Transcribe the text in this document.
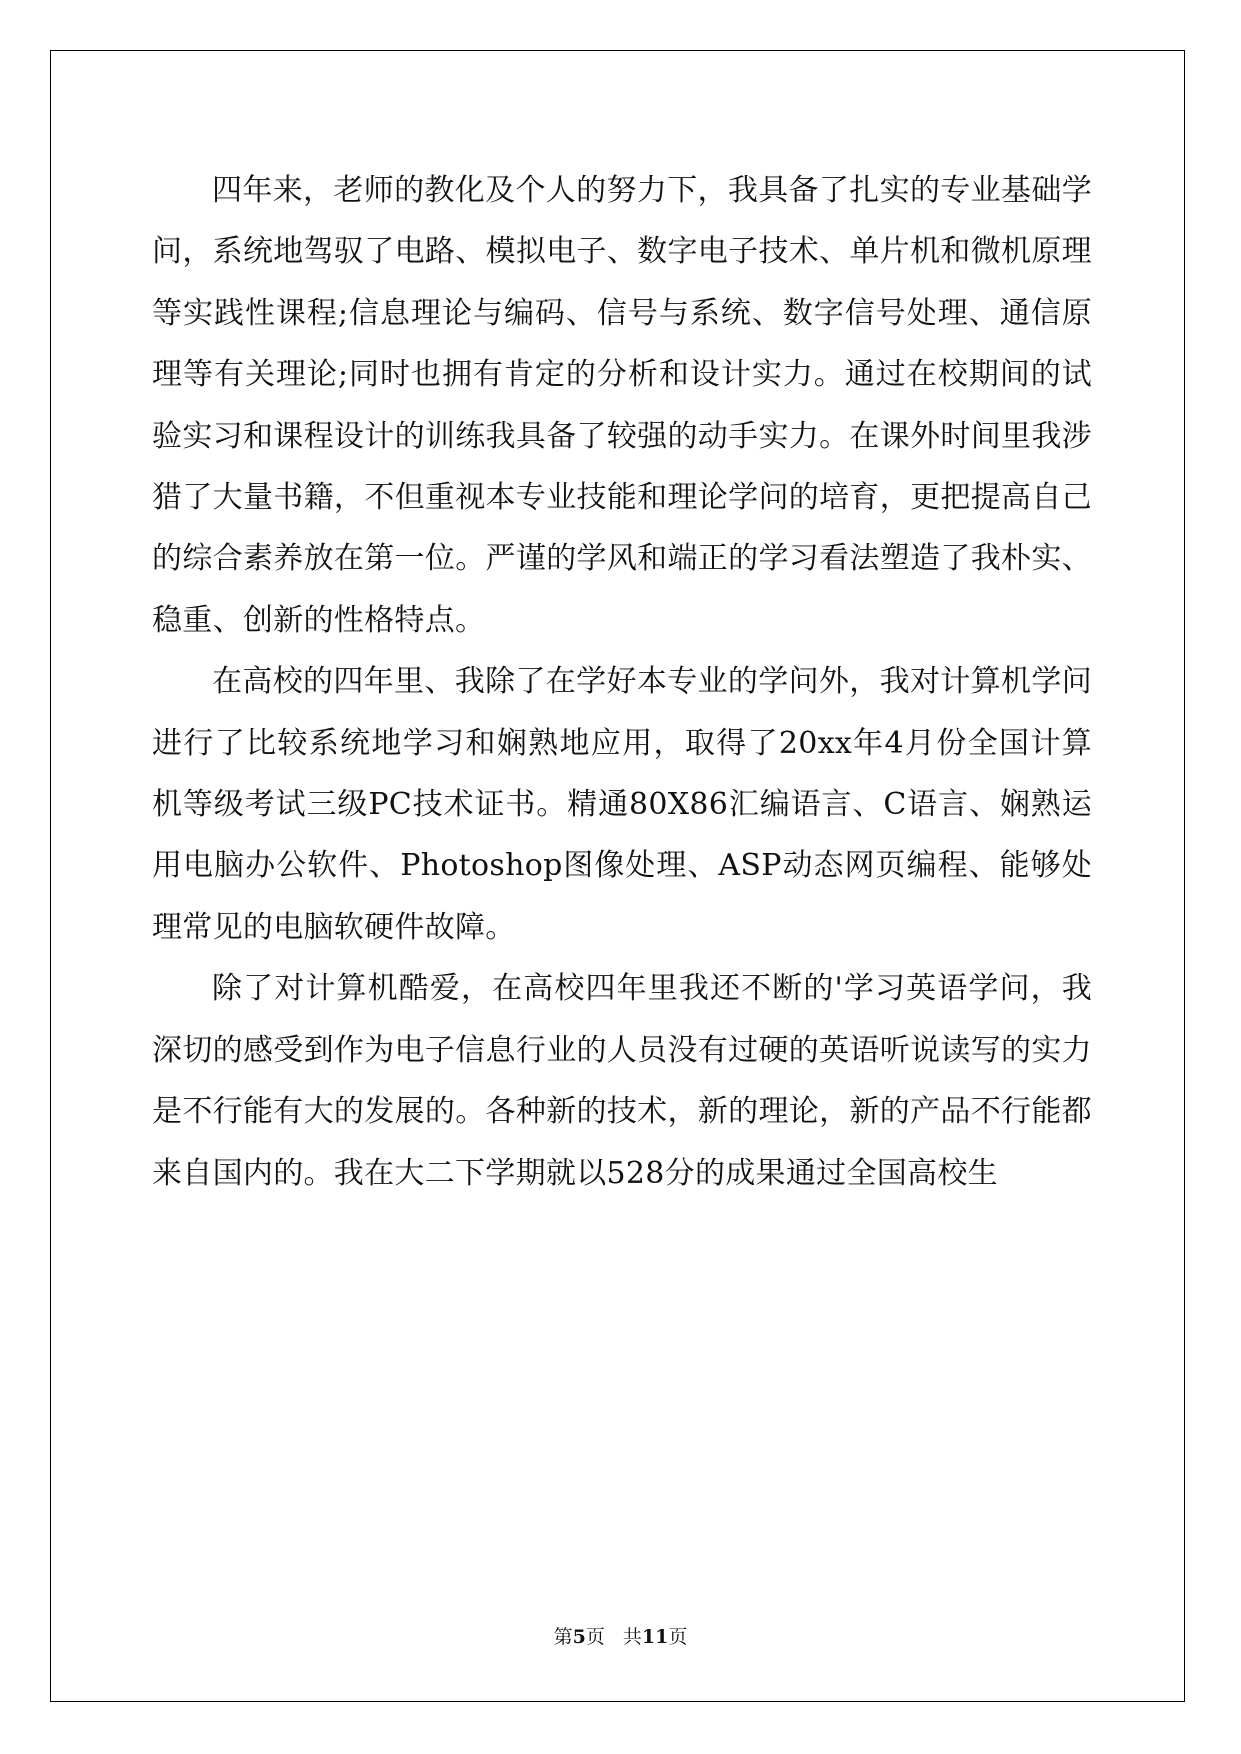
四年来，老师的教化及个人的努力下，我具备了扎实的专业基础学问，系统地驾驭了电路、模拟电子、数字电子技术、单片机和微机原理等实践性课程;信息理论与编码、信号与系统、数字信号处理、通信原理等有关理论;同时也拥有肯定的分析和设计实力。通过在校期间的试验实习和课程设计的训练我具备了较强的动手实力。在课外时间里我涉猎了大量书籍，不但重视本专业技能和理论学问的培育，更把提高自己的综合素养放在第一位。严谨的学风和端正的学习看法塑造了我朴实、稳重、创新的性格特点。

在高校的四年里、我除了在学好本专业的学问外，我对计算机学问进行了比较系统地学习和娴熟地应用，取得了20xx年4月份全国计算机等级考试三级PC技术证书。精通80X86汇编语言、C语言、娴熟运用电脑办公软件、Photoshop图像处理、ASP动态网页编程、能够处理常见的电脑软硬件故障。

除了对计算机酷爱，在高校四年里我还不断的'学习英语学问，我深切的感受到作为电子信息行业的人员没有过硬的英语听说读写的实力是不行能有大的发展的。各种新的技术，新的理论，新的产品不行能都来自国内的。我在大二下学期就以528分的成果通过全国高校生

第5页 共11页
